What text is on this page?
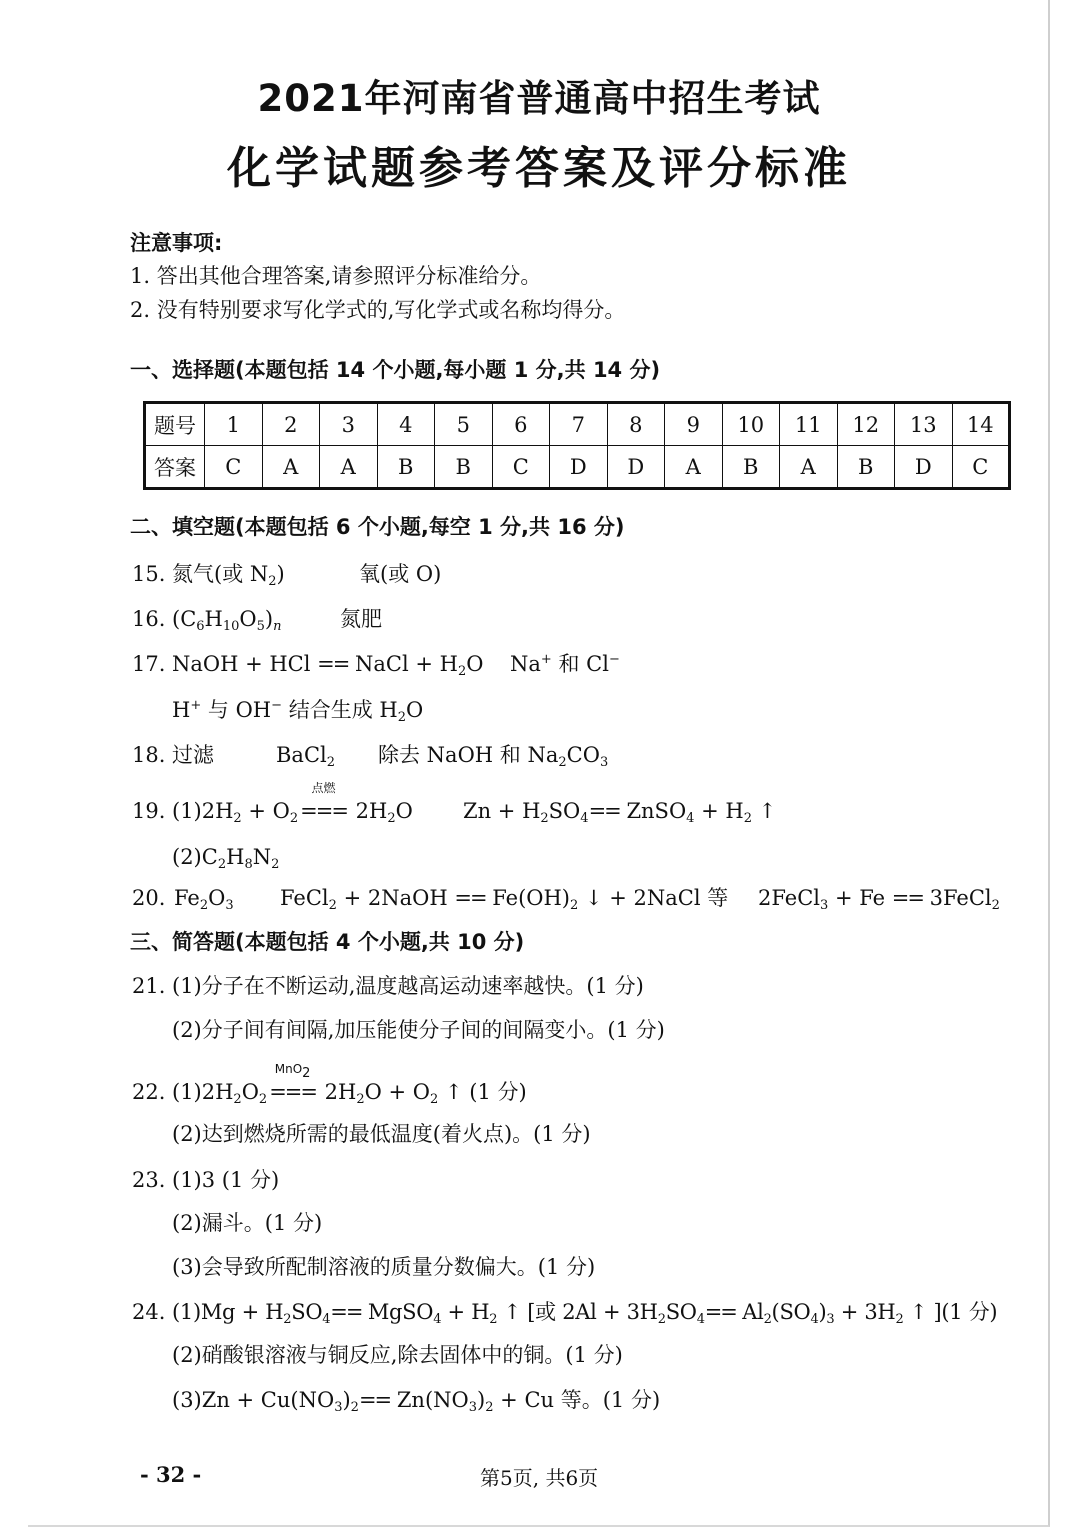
2021年河南省普通高中招生考试
化学试题参考答案及评分标准
注意事项:
1. 答出其他合理答案,请参照评分标准给分。
2. 没有特别要求写化学式的,写化学式或名称均得分。
一、选择题(本题包括 14 个小题,每小题 1 分,共 14 分)
题号	1	2	3	4	5	6	7	8	9	10	11	12	13	14
答案	C	A	A	B	B	C	D	D	A	B	A	B	D	C
二、填空题(本题包括 6 个小题,每空 1 分,共 16 分)
15. 氮气(或 $N_2$)	氧(或 O)
16. $(C_6H_{10}O_5)_n$	氮肥
17. NaOH + HCl == NaCl + $H_2O$ Na+ 和 Cl−
H+ 与 OH− 结合生成 $H_2O$
18. 过滤	BaCl$_2$ 除去 NaOH 和 $Na_2CO_3$
19. $(1)2H_2 + O_2$
点燃
=== $2H_2O$ $Zn + H_2SO_4==$ ZnSO$_4$ + $H_2$ ↑
$(2)C_2H_8N_2$
20. $Fe_2O_3$ FeCl$_2$ + 2NaOH == $Fe(OH)_2$ ↓ + 2NaCl 等 2FeCl$_3$ + Fe == 3FeCl$_2$
三、简答题(本题包括 4 个小题,共 10 分)
21. (1)分子在不断运动,温度越高运动速率越快。(1 分)
(2)分子间有间隔,加压能使分子间的间隔变小。(1 分)
22. $(1)2H_2O_2$
MnO$_2$
=== $2H_2O + O_2$ ↑ (1 分)
(2)达到燃烧所需的最低温度(着火点)。(1 分)
23. (1)3 (1 分)
(2)漏斗。(1 分)
(3)会导致所配制溶液的质量分数偏大。(1 分)
24. $(1)Mg + H_2SO_4==$ MgSO$_4$ + $H_2$ ↑ [或 $2Al + 3H_2SO_4== Al_2(SO_4)_3 + 3H_2$ ↑ ](1 分)
(2)硝酸银溶液与铜反应,除去固体中的铜。(1 分)
$(3)Zn + Cu(NO_3)_2== Zn(NO_3)_2 + Cu$ 等。(1 分)
- 32 -	第5页, 共6页
